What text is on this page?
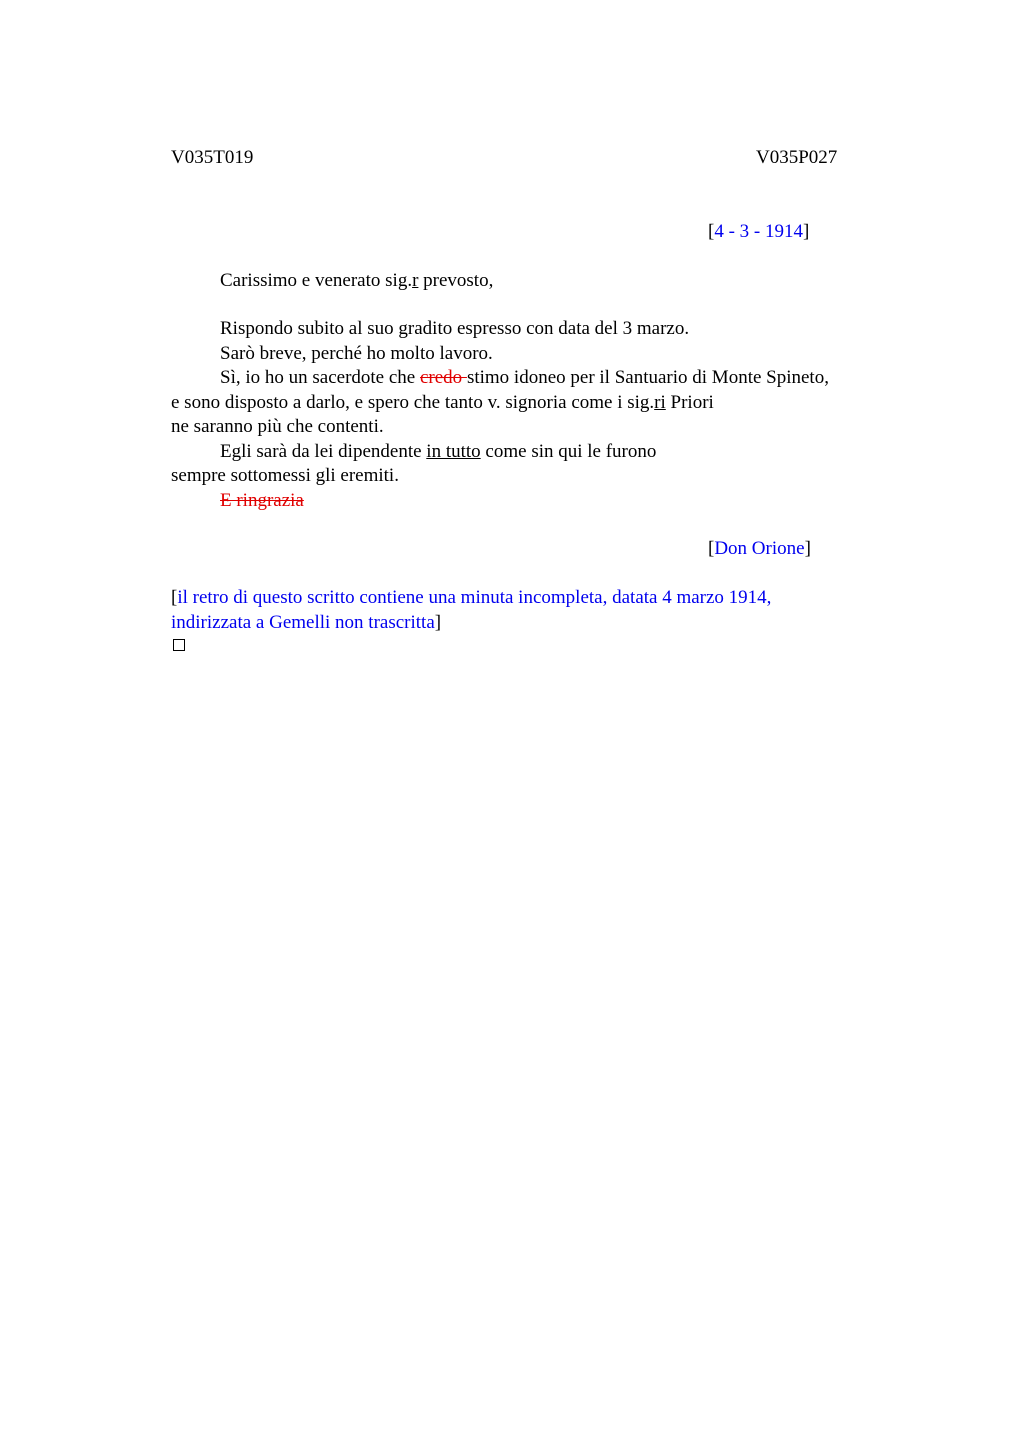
V035T019	V035P027
[4 - 3 - 1914]
Carissimo e venerato sig.r prevosto,
Rispondo subito al suo gradito espresso con data del 3 marzo.
Sarò breve, perché ho molto lavoro.
Sì, io ho un sacerdote che credo stimo idoneo per il Santuario di Monte Spineto,
e sono disposto a darlo, e spero che tanto v. signoria come i sig.ri Priori
ne saranno più che contenti.
Egli sarà da lei dipendente in tutto come sin qui le furono
sempre sottomessi gli eremiti.
E ringrazia
[Don Orione]
[il retro di questo scritto contiene una minuta incompleta, datata 4 marzo 1914,
indirizzata a Gemelli non trascritta]
